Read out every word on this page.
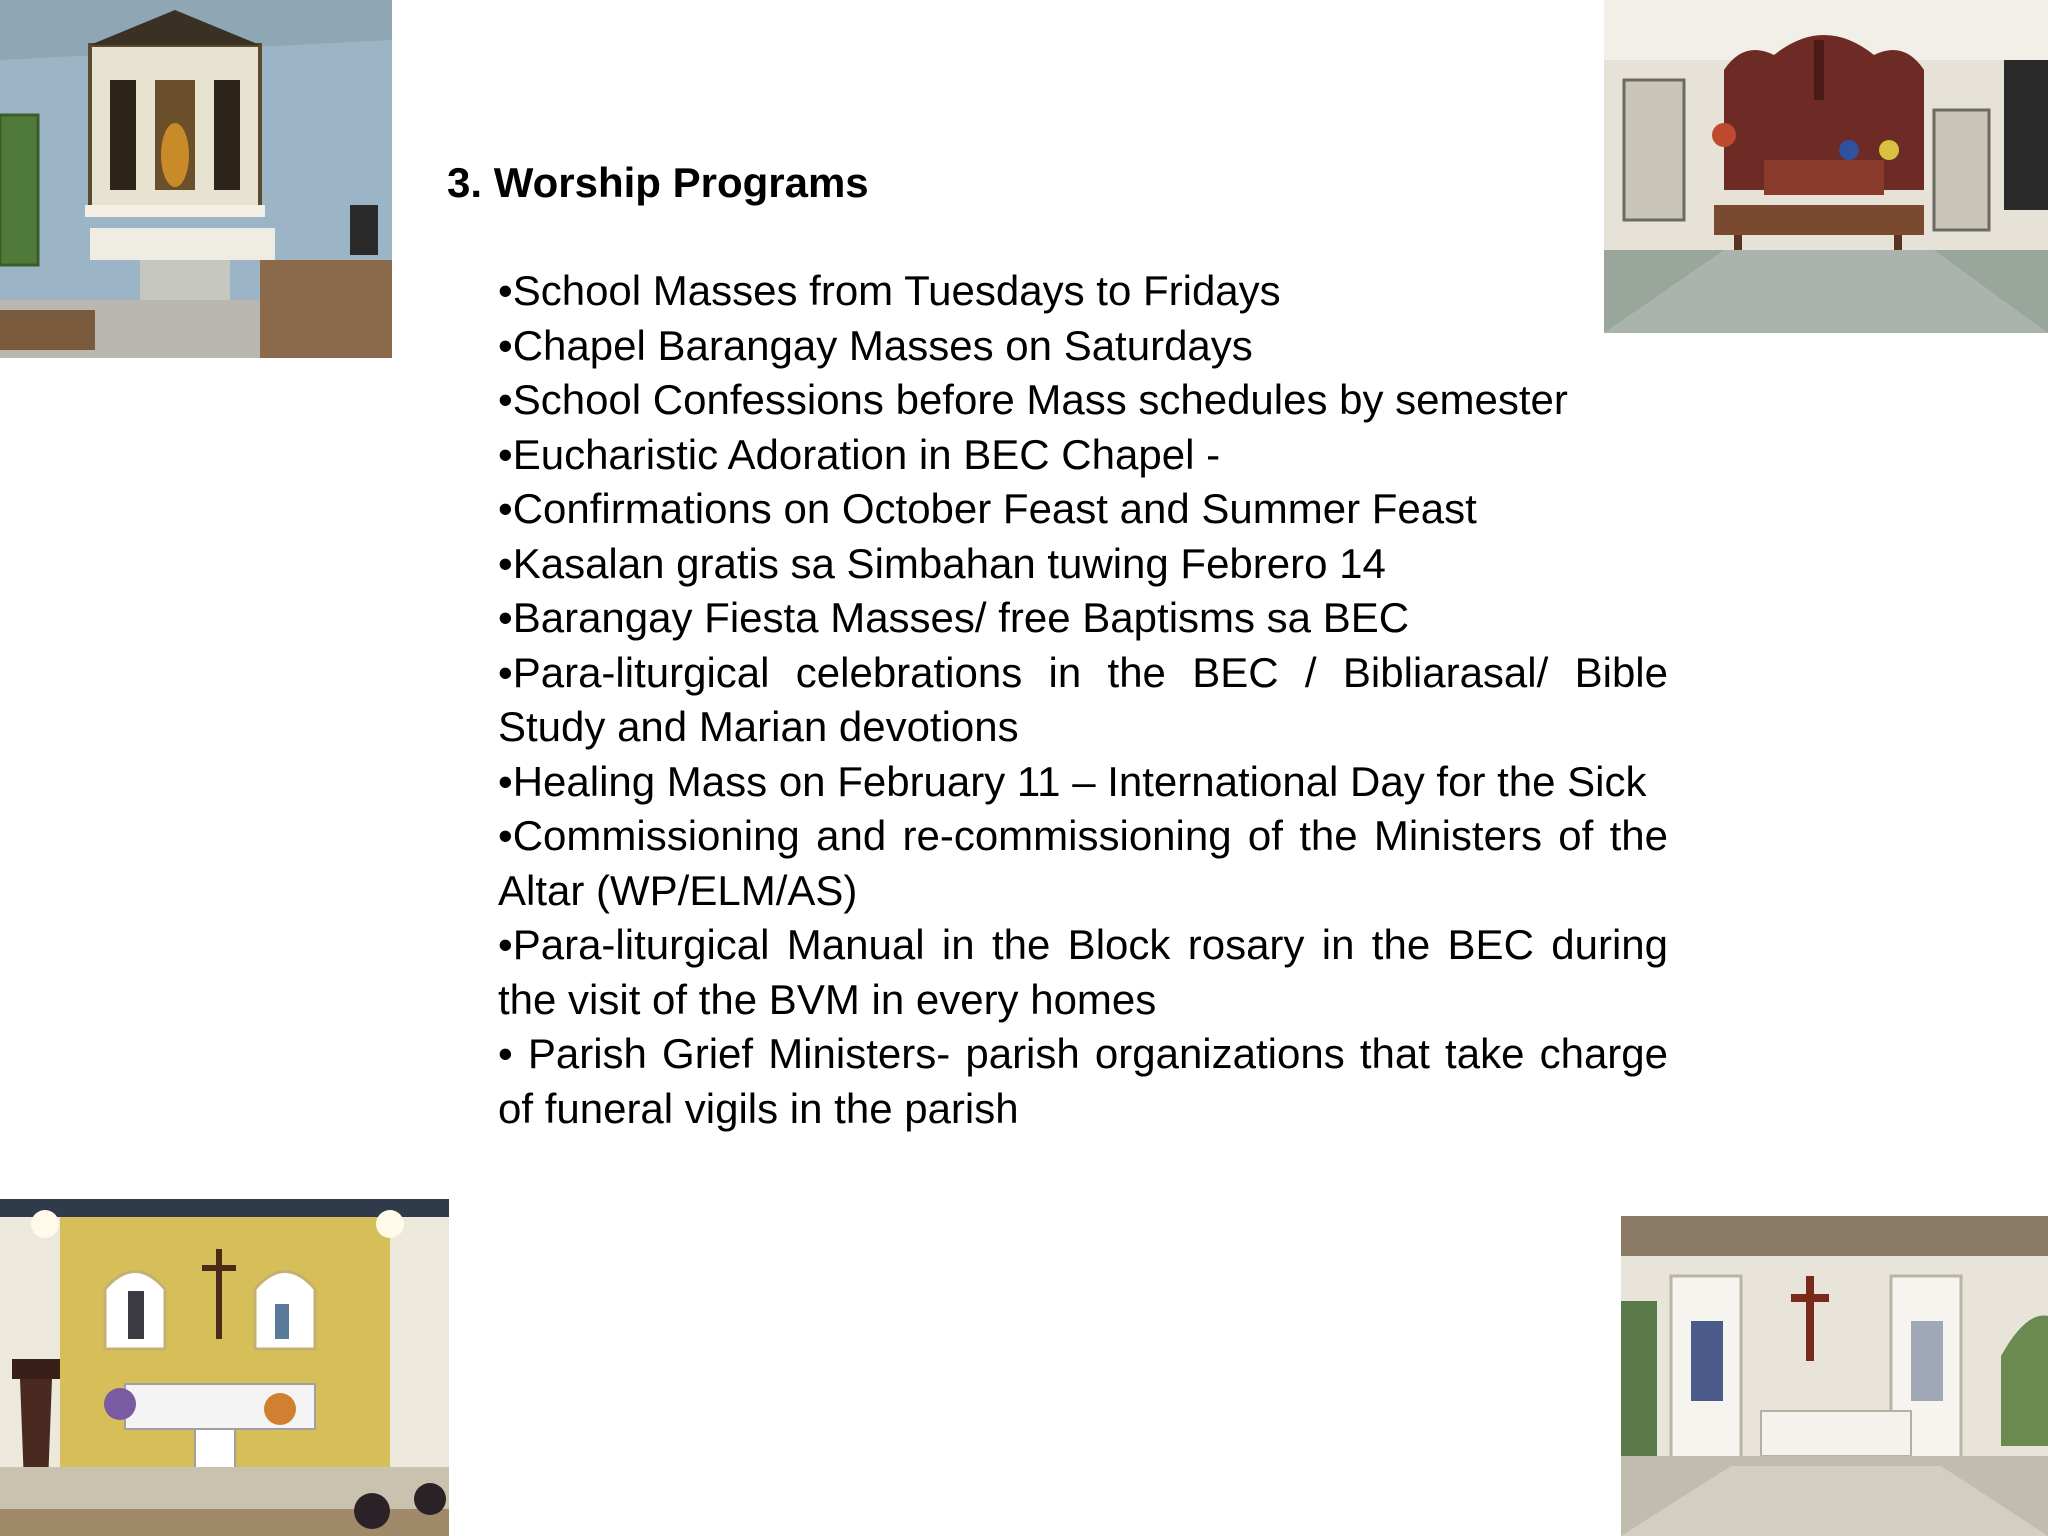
3. Worship Programs
•School Masses from Tuesdays to Fridays
•Chapel Barangay Masses on Saturdays
•School Confessions before Mass schedules by semester
•Eucharistic Adoration in BEC Chapel -
•Confirmations on October Feast and Summer Feast
•Kasalan gratis sa Simbahan tuwing Febrero 14
•Barangay Fiesta Masses/ free Baptisms sa BEC
•Para-liturgical celebrations in the BEC / Bibliarasal/ Bible Study and Marian devotions
•Healing Mass on February 11 – International Day for the Sick
•Commissioning and re-commissioning of the Ministers of the Altar (WP/ELM/AS)
•Para-liturgical Manual in the Block rosary in the BEC during the visit of the BVM in every homes
• Parish Grief Ministers- parish organizations that take charge of funeral vigils in the parish
